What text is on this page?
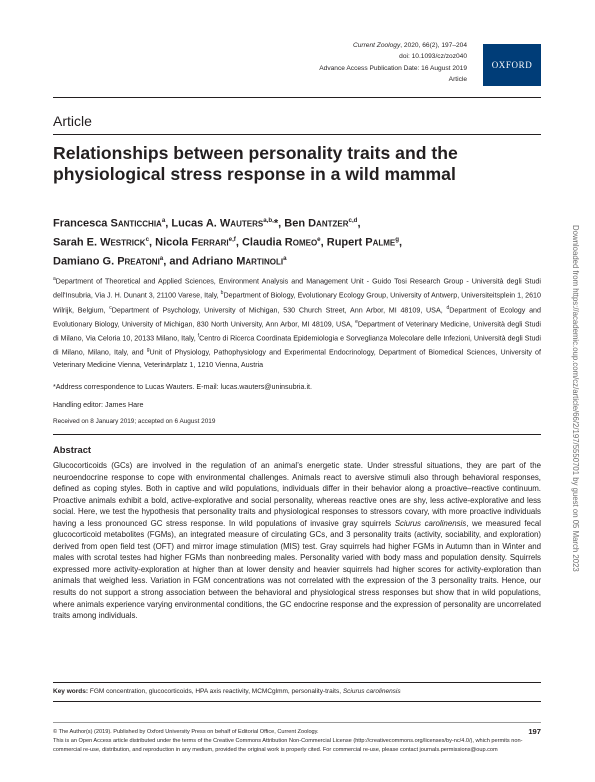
Current Zoology, 2020, 66(2), 197–204
doi: 10.1093/cz/zoz040
Advance Access Publication Date: 16 August 2019
Article
OXFORD
Article
Relationships between personality traits and the physiological stress response in a wild mammal
Francesca Santicchia$^a$, Lucas A. Wauters$^{a,b,}$*, Ben Dantzer$^{c,d}$,
Sarah E. Westrick$^c$, Nicola Ferrari$^{e,f}$, Claudia Romeo$^e$, Rupert Palme$^g$,
Damiano G. Preatoni$^a$, and Adriano Martinoli$^a$
$^a$Department of Theoretical and Applied Sciences, Environment Analysis and Management Unit - Guido Tosi Research Group - Università degli Studi dell'Insubria, Via J. H. Dunant 3, 21100 Varese, Italy, $^b$Department of Biology, Evolutionary Ecology Group, University of Antwerp, Universiteitsplein 1, 2610 Wilrijk, Belgium, $^c$Department of Psychology, University of Michigan, 530 Church Street, Ann Arbor, MI 48109, USA, $^d$Department of Ecology and Evolutionary Biology, University of Michigan, 830 North University, Ann Arbor, MI 48109, USA, $^e$Department of Veterinary Medicine, Università degli Studi di Milano, Via Celoria 10, 20133 Milano, Italy, $^f$Centro di Ricerca Coordinata Epidemiologia e Sorveglianza Molecolare delle Infezioni, Università degli Studi di Milano, Milano, Italy, and $^g$Unit of Physiology, Pathophysiology and Experimental Endocrinology, Department of Biomedical Sciences, University of Veterinary Medicine Vienna, Veterinärplatz 1, 1210 Vienna, Austria
*Address correspondence to Lucas Wauters. E-mail: lucas.wauters@uninsubria.it.
Handling editor: James Hare
Received on 8 January 2019; accepted on 6 August 2019
Abstract
Glucocorticoids (GCs) are involved in the regulation of an animal’s energetic state. Under stressful situations, they are part of the neuroendocrine response to cope with environmental challenges. Animals react to aversive stimuli also through behavioral responses, defined as coping styles. Both in captive and wild populations, individuals differ in their behavior along a proactive–reactive continuum. Proactive animals exhibit a bold, active-explorative and social personality, whereas reactive ones are shy, less active-explorative and less social. Here, we test the hypothesis that personality traits and physiological responses to stressors covary, with more proactive individuals having a less pronounced GC stress response. In wild populations of invasive gray squirrels Sciurus carolinensis, we measured fecal glucocorticoid metabolites (FGMs), an integrated measure of circulating GCs, and 3 personality traits (activity, sociability, and exploration) derived from open field test (OFT) and mirror image stimulation (MIS) test. Gray squirrels had higher FGMs in Autumn than in Winter and males with scrotal testes had higher FGMs than nonbreeding males. Personality varied with body mass and population density. Squirrels expressed more activity-exploration at higher than at lower density and heavier squirrels had higher scores for activity-exploration than animals that weighed less. Variation in FGM concentrations was not correlated with the expression of the 3 personality traits. Hence, our results do not support a strong association between the behavioral and physiological stress responses but show that in wild populations, where animals experience varying environmental conditions, the GC endocrine response and the expression of personality are uncorrelated traits among individuals.
Key words: FGM concentration, glucocorticoids, HPA axis reactivity, MCMCglmm, personality-traits, Sciurus carolinensis
© The Author(s) (2019). Published by Oxford University Press on behalf of Editorial Office, Current Zoology.
This is an Open Access article distributed under the terms of the Creative Commons Attribution Non-Commercial License (http://creativecommons.org/licenses/by-nc/4.0/), which permits non-commercial re-use, distribution, and reproduction in any medium, provided the original work is properly cited. For commercial re-use, please contact journals.permissions@oup.com
197
Downloaded from https://academic.oup.com/cz/article/66/2/197/5550701 by guest on 05 March 2023
